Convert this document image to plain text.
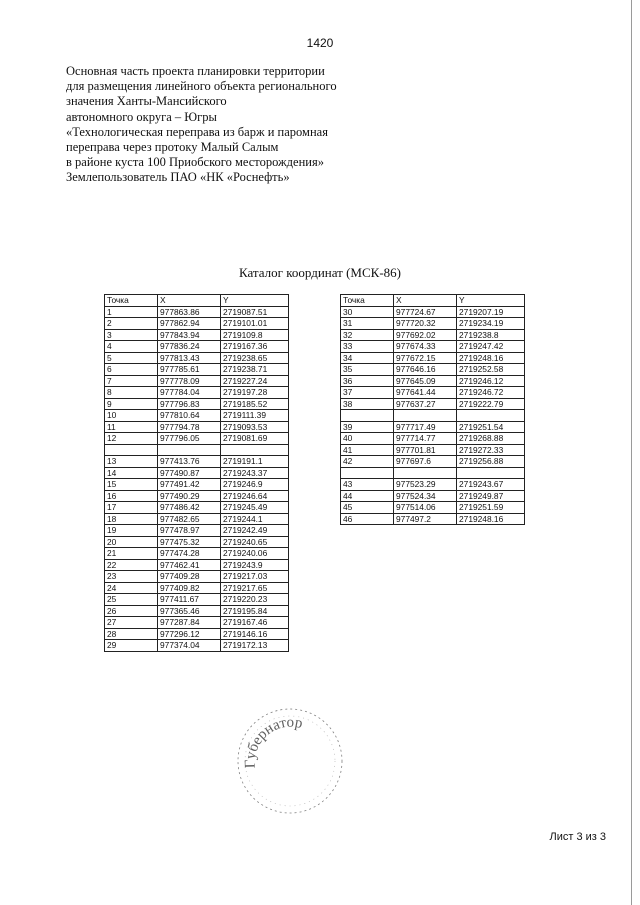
1420
Основная часть проекта планировки территории
для размещения линейного объекта регионального
значения Ханты-Мансийского
автономного округа – Югры
«Технологическая переправа из барж и паромная
переправа через протоку Малый Салым
в районе куста 100 Приобского месторождения»
Землепользователь ПАО «НК «Роснефть»
Каталог координат (МСК-86)
Точка	X	Y
1	977863.86	2719087.51
2	977862.94	2719101.01
3	977843.94	2719109.8
4	977836.24	2719167.36
5	977813.43	2719238.65
6	977785.61	2719238.71
7	977778.09	2719227.24
8	977784.04	2719197.28
9	977796.83	2719185.52
10	977810.64	2719111.39
11	977794.78	2719093.53
12	977796.05	2719081.69

13	977413.76	2719191.1
14	977490.87	2719243.37
15	977491.42	2719246.9
16	977490.29	2719246.64
17	977486.42	2719245.49
18	977482.65	2719244.1
19	977478.97	2719242.49
20	977475.32	2719240.65
21	977474.28	2719240.06
22	977462.41	2719243.9
23	977409.28	2719217.03
24	977409.82	2719217.65
25	977411.67	2719220.23
26	977365.46	2719195.84
27	977287.84	2719167.46
28	977296.12	2719146.16
29	977374.04	2719172.13
Точка	X	Y
30	977724.67	2719207.19
31	977720.32	2719234.19
32	977692.02	2719238.8
33	977674.33	2719247.42
34	977672.15	2719248.16
35	977646.16	2719252.58
36	977645.09	2719246.12
37	977641.44	2719246.72
38	977637.27	2719222.79

39	977717.49	2719251.54
40	977714.77	2719268.88
41	977701.81	2719272.33
42	977697.6	2719256.88

43	977523.29	2719243.67
44	977524.34	2719249.87
45	977514.06	2719251.59
46	977497.2	2719248.16
Губернатор
Лист 3 из 3
